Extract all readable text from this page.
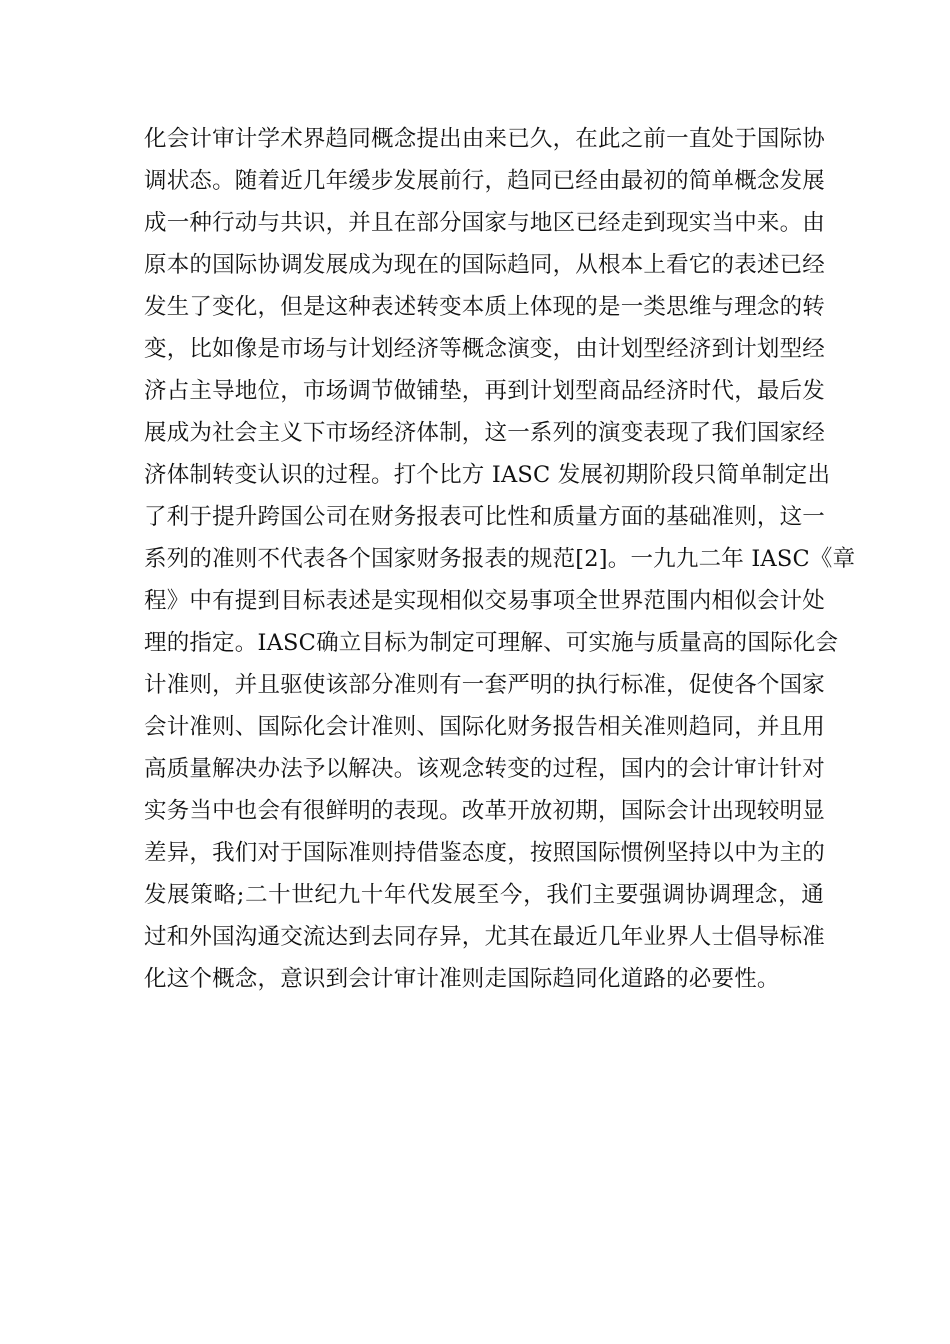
化会计审计学术界趋同概念提出由来已久，在此之前一直处于国际协
调状态。随着近几年缓步发展前行，趋同已经由最初的简单概念发展
成一种行动与共识，并且在部分国家与地区已经走到现实当中来。由
原本的国际协调发展成为现在的国际趋同，从根本上看它的表述已经
发生了变化，但是这种表述转变本质上体现的是一类思维与理念的转
变，比如像是市场与计划经济等概念演变，由计划型经济到计划型经
济占主导地位，市场调节做铺垫，再到计划型商品经济时代，最后发
展成为社会主义下市场经济体制，这一系列的演变表现了我们国家经
济体制转变认识的过程。打个比方 IASC 发展初期阶段只简单制定出
了利于提升跨国公司在财务报表可比性和质量方面的基础准则，这一
系列的准则不代表各个国家财务报表的规范[2]。一九九二年 IASC《章
程》中有提到目标表述是实现相似交易事项全世界范围内相似会计处
理的指定。IASC确立目标为制定可理解、可实施与质量高的国际化会
计准则，并且驱使该部分准则有一套严明的执行标准，促使各个国家
会计准则、国际化会计准则、国际化财务报告相关准则趋同，并且用
高质量解决办法予以解决。该观念转变的过程，国内的会计审计针对
实务当中也会有很鲜明的表现。改革开放初期，国际会计出现较明显
差异，我们对于国际准则持借鉴态度，按照国际惯例坚持以中为主的
发展策略;二十世纪九十年代发展至今，我们主要强调协调理念，通
过和外国沟通交流达到去同存异，尤其在最近几年业界人士倡导标准
化这个概念，意识到会计审计准则走国际趋同化道路的必要性。
